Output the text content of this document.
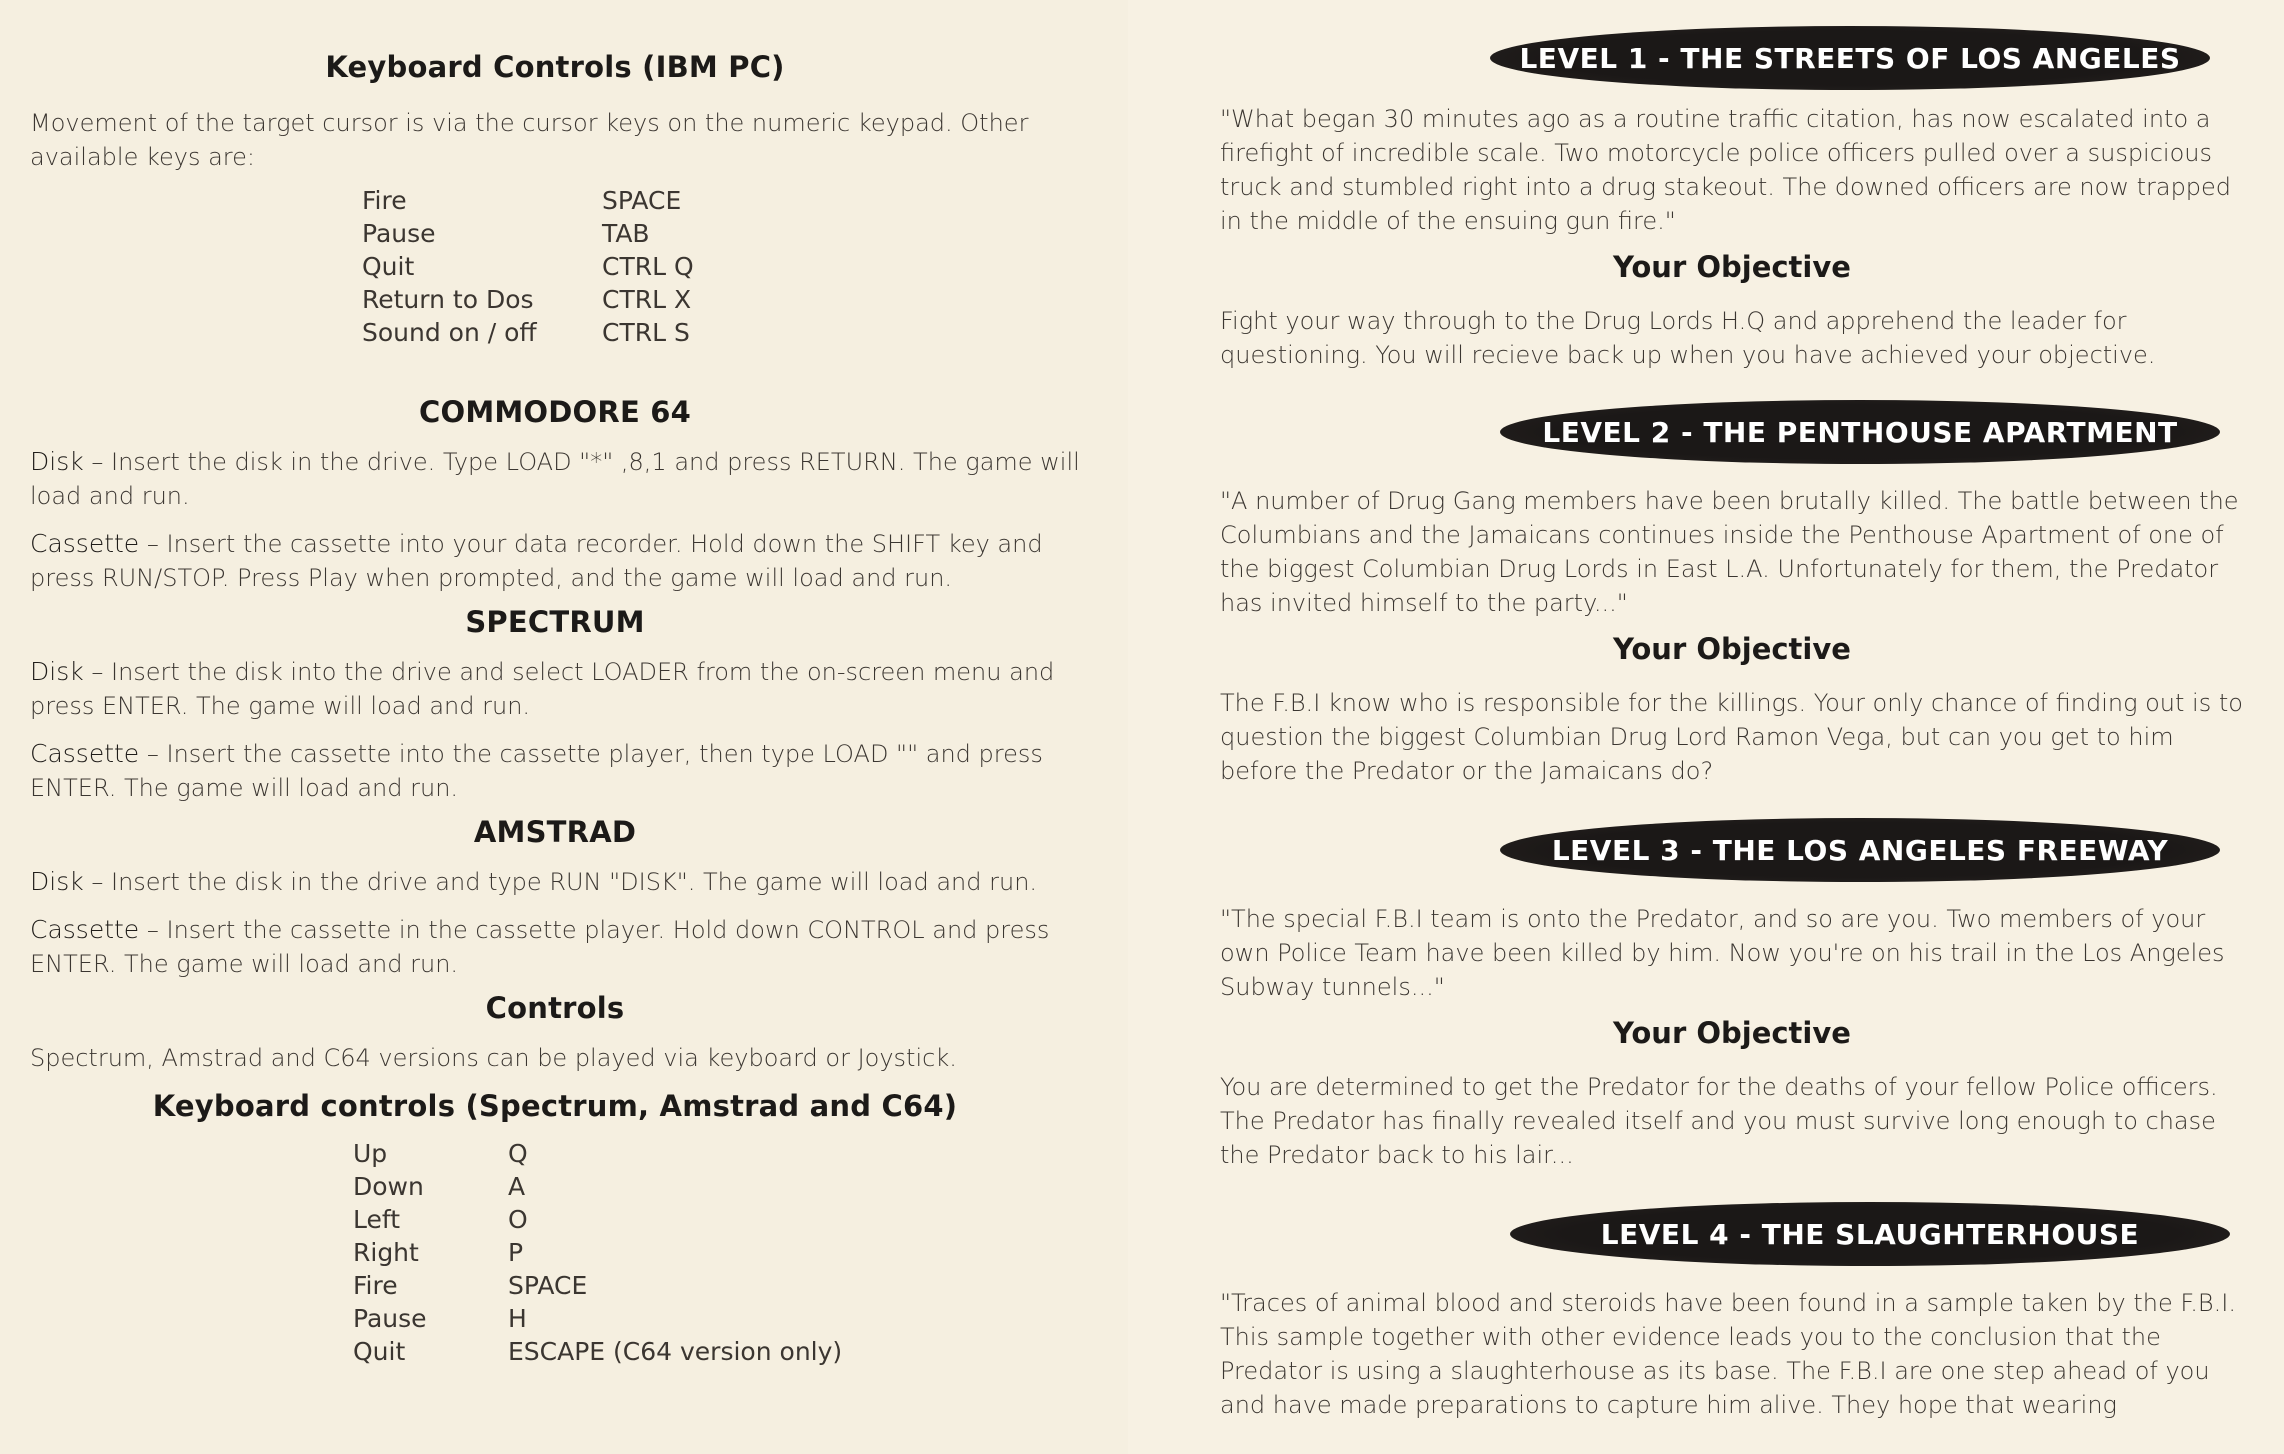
Keyboard Controls (IBM PC)

Movement of the target cursor is via the cursor keys on the numeric keypad. Other available keys are:

Fire	SPACE
Pause	TAB
Quit	CTRL Q
Return to Dos	CTRL X
Sound on / off	CTRL S
COMMODORE 64

Disk – Insert the disk in the drive. Type LOAD "*" ,8,1 and press RETURN. The game will load and run.

Cassette – Insert the cassette into your data recorder. Hold down the SHIFT key and press RUN/STOP. Press Play when prompted, and the game will load and run.

SPECTRUM

Disk – Insert the disk into the drive and select LOADER from the on-screen menu and press ENTER. The game will load and run.

Cassette – Insert the cassette into the cassette player, then type LOAD "" and press ENTER. The game will load and run.

AMSTRAD

Disk – Insert the disk in the drive and type RUN "DISK". The game will load and run.

Cassette – Insert the cassette in the cassette player. Hold down CONTROL and press ENTER. The game will load and run.

Controls

Spectrum, Amstrad and C64 versions can be played via keyboard or Joystick.

Keyboard controls (Spectrum, Amstrad and C64)
Up	Q
Down	A
Left	O
Right	P
Fire	SPACE
Pause	H
Quit	ESCAPE (C64 version only)
LEVEL 1 - THE STREETS OF LOS ANGELES

"What began 30 minutes ago as a routine traffic citation, has now escalated into a firefight of incredible scale. Two motorcycle police officers pulled over a suspicious truck and stumbled right into a drug stakeout. The downed officers are now trapped in the middle of the ensuing gun fire."

Your Objective

Fight your way through to the Drug Lords H.Q and apprehend the leader for questioning. You will recieve back up when you have achieved your objective.

LEVEL 2 - THE PENTHOUSE APARTMENT

"A number of Drug Gang members have been brutally killed. The battle between the Columbians and the Jamaicans continues inside the Penthouse Apartment of one of the biggest Columbian Drug Lords in East L.A. Unfortunately for them, the Predator has invited himself to the party..."

Your Objective

The F.B.I know who is responsible for the killings. Your only chance of finding out is to question the biggest Columbian Drug Lord Ramon Vega, but can you get to him before the Predator or the Jamaicans do?

LEVEL 3 - THE LOS ANGELES FREEWAY

"The special F.B.I team is onto the Predator, and so are you. Two members of your own Police Team have been killed by him. Now you're on his trail in the Los Angeles Subway tunnels..."

Your Objective

You are determined to get the Predator for the deaths of your fellow Police officers. The Predator has finally revealed itself and you must survive long enough to chase the Predator back to his lair...

LEVEL 4 - THE SLAUGHTERHOUSE

"Traces of animal blood and steroids have been found in a sample taken by the F.B.I. This sample together with other evidence leads you to the conclusion that the Predator is using a slaughterhouse as its base. The F.B.I are one step ahead of you and have made preparations to capture him alive. They hope that wearing
